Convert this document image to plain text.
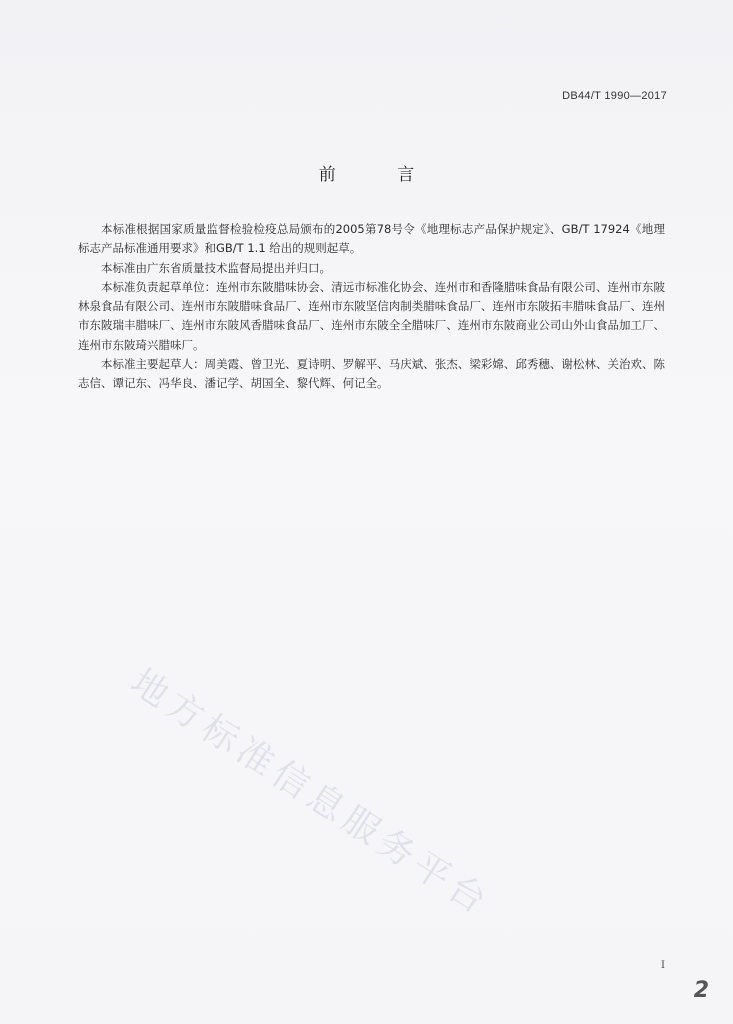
DB44/T 1990—2017
前 言

本标准根据国家质量监督检验检疫总局颁布的2005第78号令《地理标志产品保护规定》、GB/T 17924《地理标志产品标准通用要求》和GB/T 1.1 给出的规则起草。

本标准由广东省质量技术监督局提出并归口。

本标准负责起草单位：连州市东陂腊味协会、清远市标准化协会、连州市和香隆腊味食品有限公司、连州市东陂林泉食品有限公司、连州市东陂腊味食品厂、连州市东陂坚信肉制类腊味食品厂、连州市东陂拓丰腊味食品厂、连州市东陂瑞丰腊味厂、连州市东陂风香腊味食品厂、连州市东陂全全腊味厂、连州市东陂商业公司山外山食品加工厂、连州市东陂琦兴腊味厂。

本标准主要起草人：周美霞、曾卫光、夏诗明、罗解平、马庆斌、张杰、梁彩嫦、邱秀穗、谢松林、关治欢、陈志信、谭记东、冯华良、潘记学、胡国全、黎代辉、何记全。

地方标准信息服务平台
I
2
